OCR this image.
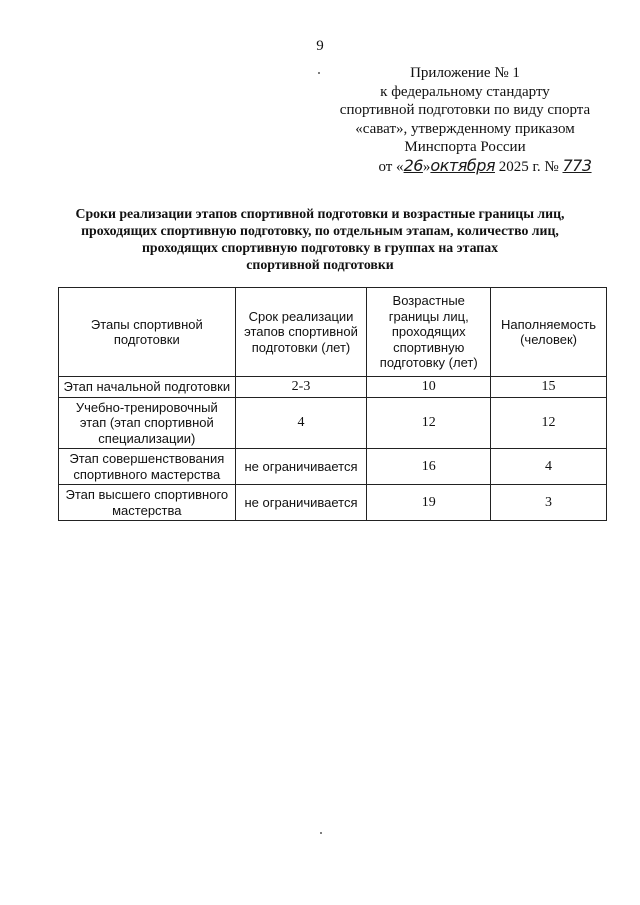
9
Приложение № 1
к федеральному стандарту
спортивной подготовки по виду спорта
«сават», утвержденному приказом
Минспорта России
от «26»октября 2025 г. № 773
Сроки реализации этапов спортивной подготовки и возрастные границы лиц,
проходящих спортивную подготовку, по отдельным этапам, количество лиц,
проходящих спортивную подготовку в группах на этапах
спортивной подготовки
Этапы спортивной подготовки	Срок реализации этапов спортивной подготовки (лет)	Возрастные границы лиц, проходящих спортивную подготовку (лет)	Наполняемость (человек)
Этап начальной подготовки	2-3	10	15
Учебно-тренировочный этап (этап спортивной специализации)	4	12	12
Этап совершенствования спортивного мастерства	не ограничивается	16	4
Этап высшего спортивного мастерства	не ограничивается	19	3
